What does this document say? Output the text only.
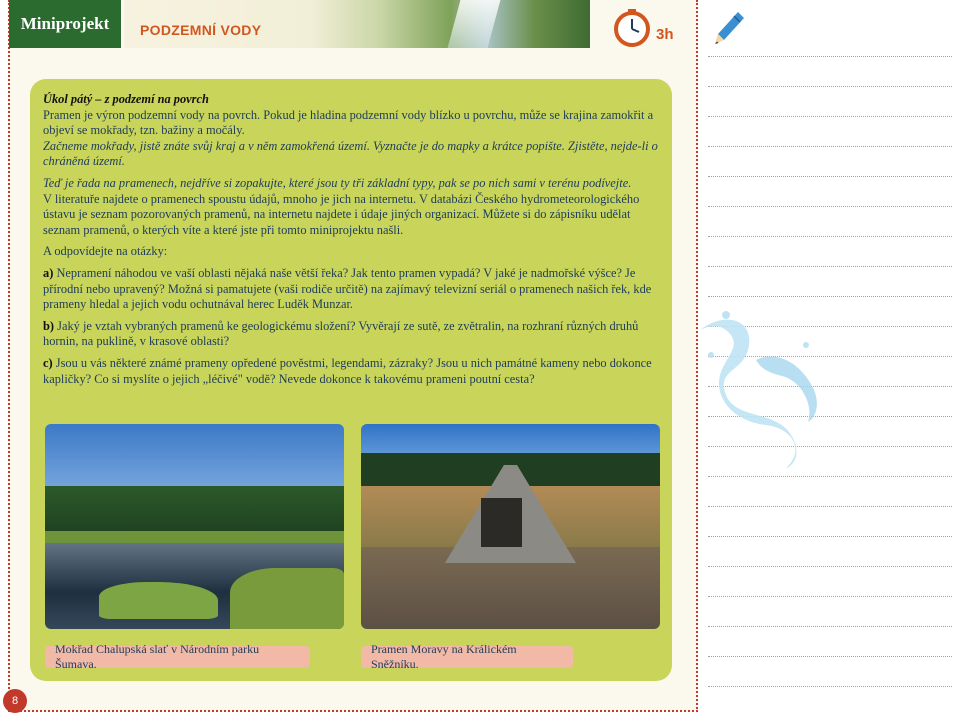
Miniprojekt PODZEMNÍ VODY	3h

Úkol pátý – z podzemí na povrch

Pramen je výron podzemní vody na povrch. Pokud je hladina podzemní vody blízko u povrchu, může se krajina zamokřit a objeví se mokřady, tzn. bažiny a močály.

Začneme mokřady, jistě znáte svůj kraj a v něm zamokřená území. Vyznačte je do mapky a krátce popište. Zjistěte, nejde-li o chráněná území.

Teď je řada na pramenech, nejdříve si zopakujte, které jsou ty tři základní typy, pak se po nich sami v terénu podívejte.

V literatuře najdete o pramenech spoustu údajů, mnoho je jich na internetu. V databázi Českého hydrometeorologického ústavu je seznam pozorovaných pramenů, na internetu najdete i údaje jiných organizací. Můžete si do zápisníku udělat seznam pramenů, o kterých víte a které jste při tomto miniprojektu našli.

A odpovídejte na otázky:

a) Nepramení náhodou ve vaší oblasti nějaká naše větší řeka? Jak tento pramen vypadá? V jaké je nadmořské výšce? Je přírodní nebo upravený? Možná si pamatujete (vaši rodiče určitě) na zajímavý televizní seriál o pramenech našich řek, kde prameny hledal a jejich vodu ochutnával herec Luděk Munzar.

b) Jaký je vztah vybraných pramenů ke geologickému složení? Vyvěrají ze sutě, ze zvětralin, na rozhraní různých druhů hornin, na puklině, v krasové oblasti?

c) Jsou u vás některé známé prameny opředené pověstmi, legendami, zázraky? Jsou u nich památné kameny nebo dokonce kapličky? Co si myslíte o jejich „léčivé" vodě? Nevede dokonce k takovému prameni poutní cesta?

Mokřad Chalupská slať v Národním parku Šumava.
Pramen Moravy na Králickém Sněžníku.
8
